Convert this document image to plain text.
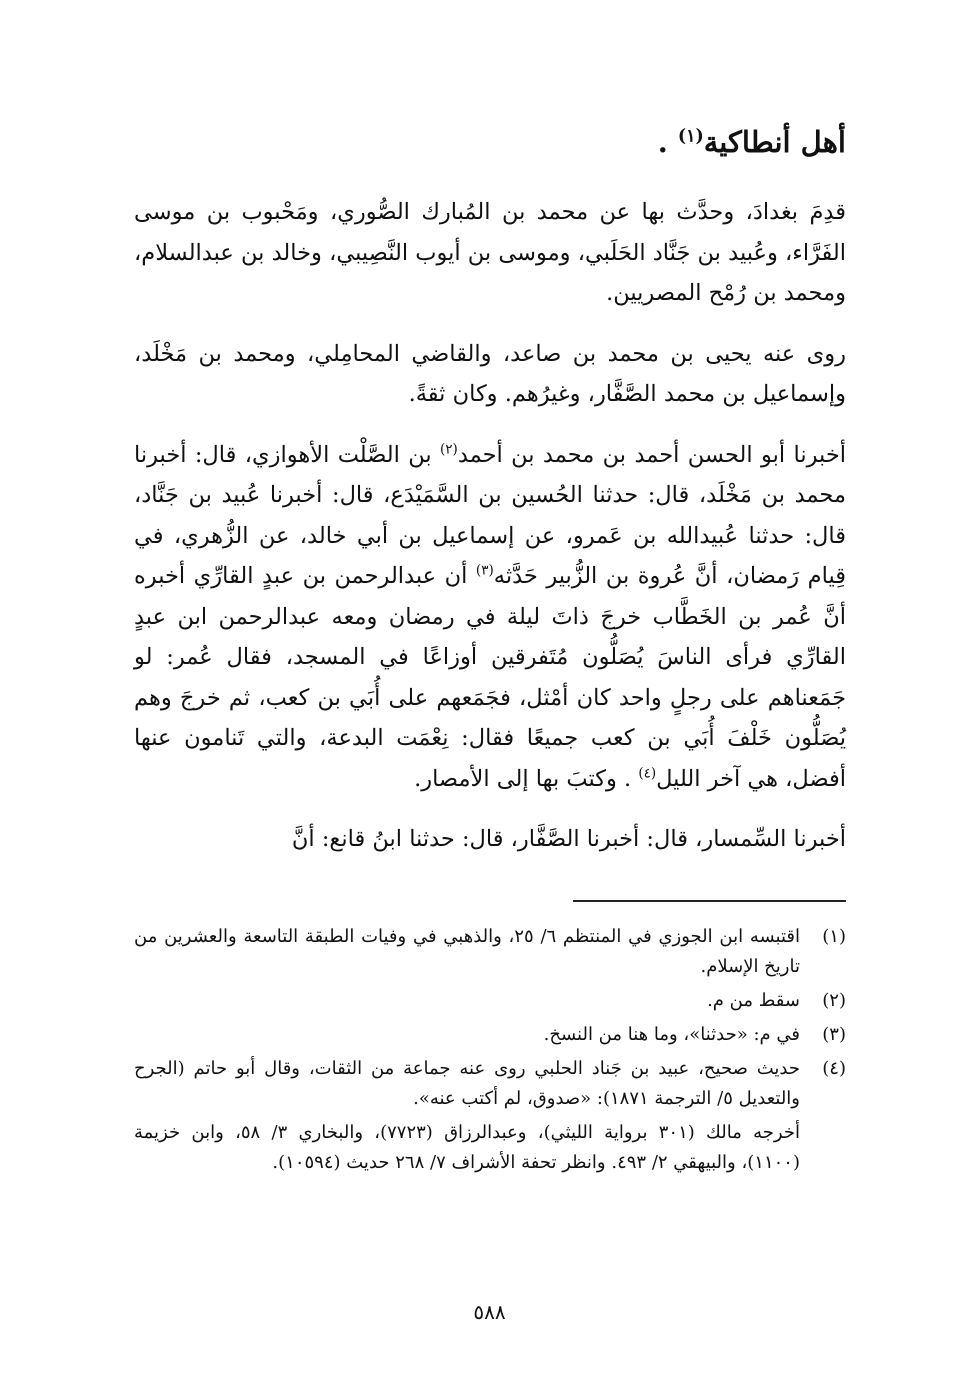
أهل أنطاكية$^{(١)}$ .

قدِمَ بغدادَ، وحدَّث بها عن محمد بن المُبارك الصُّوري، ومَحْبوب بن موسى الفَرَّاء، وعُبيد بن جَنَّاد الحَلَبي، وموسى بن أيوب النَّصِيبي، وخالد بن عبدالسلام، ومحمد بن رُمْح المصريين.

روى عنه يحيى بن محمد بن صاعد، والقاضي المحامِلي، ومحمد بن مَخْلَد، وإسماعيل بن محمد الصَّفَّار، وغيرُهم. وكان ثقةً.

أخبرنا أبو الحسن أحمد بن محمد بن أحمد$^{(٢)}$ بن الصَّلْت الأهوازي، قال: أخبرنا محمد بن مَخْلَد، قال: حدثنا الحُسين بن السَّمَيْدَع، قال: أخبرنا عُبيد بن جَنَّاد، قال: حدثنا عُبيدالله بن عَمرو، عن إسماعيل بن أبي خالد، عن الزُّهري، في قِيام رَمضان، أنَّ عُروة بن الزُّبير حَدَّثه$^{(٣)}$ أن عبدالرحمن بن عبدٍ القارِّي أخبره أنَّ عُمر بن الخَطَّاب خرجَ ذاتَ ليلة في رمضان ومعه عبدالرحمن ابن عبدٍ القارِّي فرأى الناسَ يُصَلُّون مُتَفرقين أوزاعًا في المسجد، فقال عُمر: لو جَمَعناهم على رجلٍ واحد كان أمْثل، فجَمَعهم على أُبَي بن كعب، ثم خرجَ وهم يُصَلُّون خَلْفَ أُبَي بن كعب جميعًا فقال: نِعْمَت البدعة، والتي تَنامون عنها أفضل، هي آخر الليل$^{(٤)}$ . وكتبَ بها إلى الأمصار.

أخبرنا السِّمسار، قال: أخبرنا الصَّفَّار، قال: حدثنا ابنُ قانع: أنَّ

(١)
اقتبسه ابن الجوزي في المنتظم ٦/ ٢٥، والذهبي في وفيات الطبقة التاسعة والعشرين من تاريخ الإسلام.
(٢)
سقط من م.
(٣)
في م: «حدثنا»، وما هنا من النسخ.
(٤)
حديث صحيح، عبيد بن جَناد الحلبي روى عنه جماعة من الثقات، وقال أبو حاتم (الجرح والتعديل ٥/ الترجمة ١٨٧١): «صدوق، لم أكتب عنه».
أخرجه مالك (٣٠١ برواية الليثي)، وعبدالرزاق (٧٧٢٣)، والبخاري ٣/ ٥٨، وابن خزيمة (١١٠٠)، والبيهقي ٢/ ٤٩٣. وانظر تحفة الأشراف ٧/ ٢٦٨ حديث (١٠٥٩٤).
٥٨٨
